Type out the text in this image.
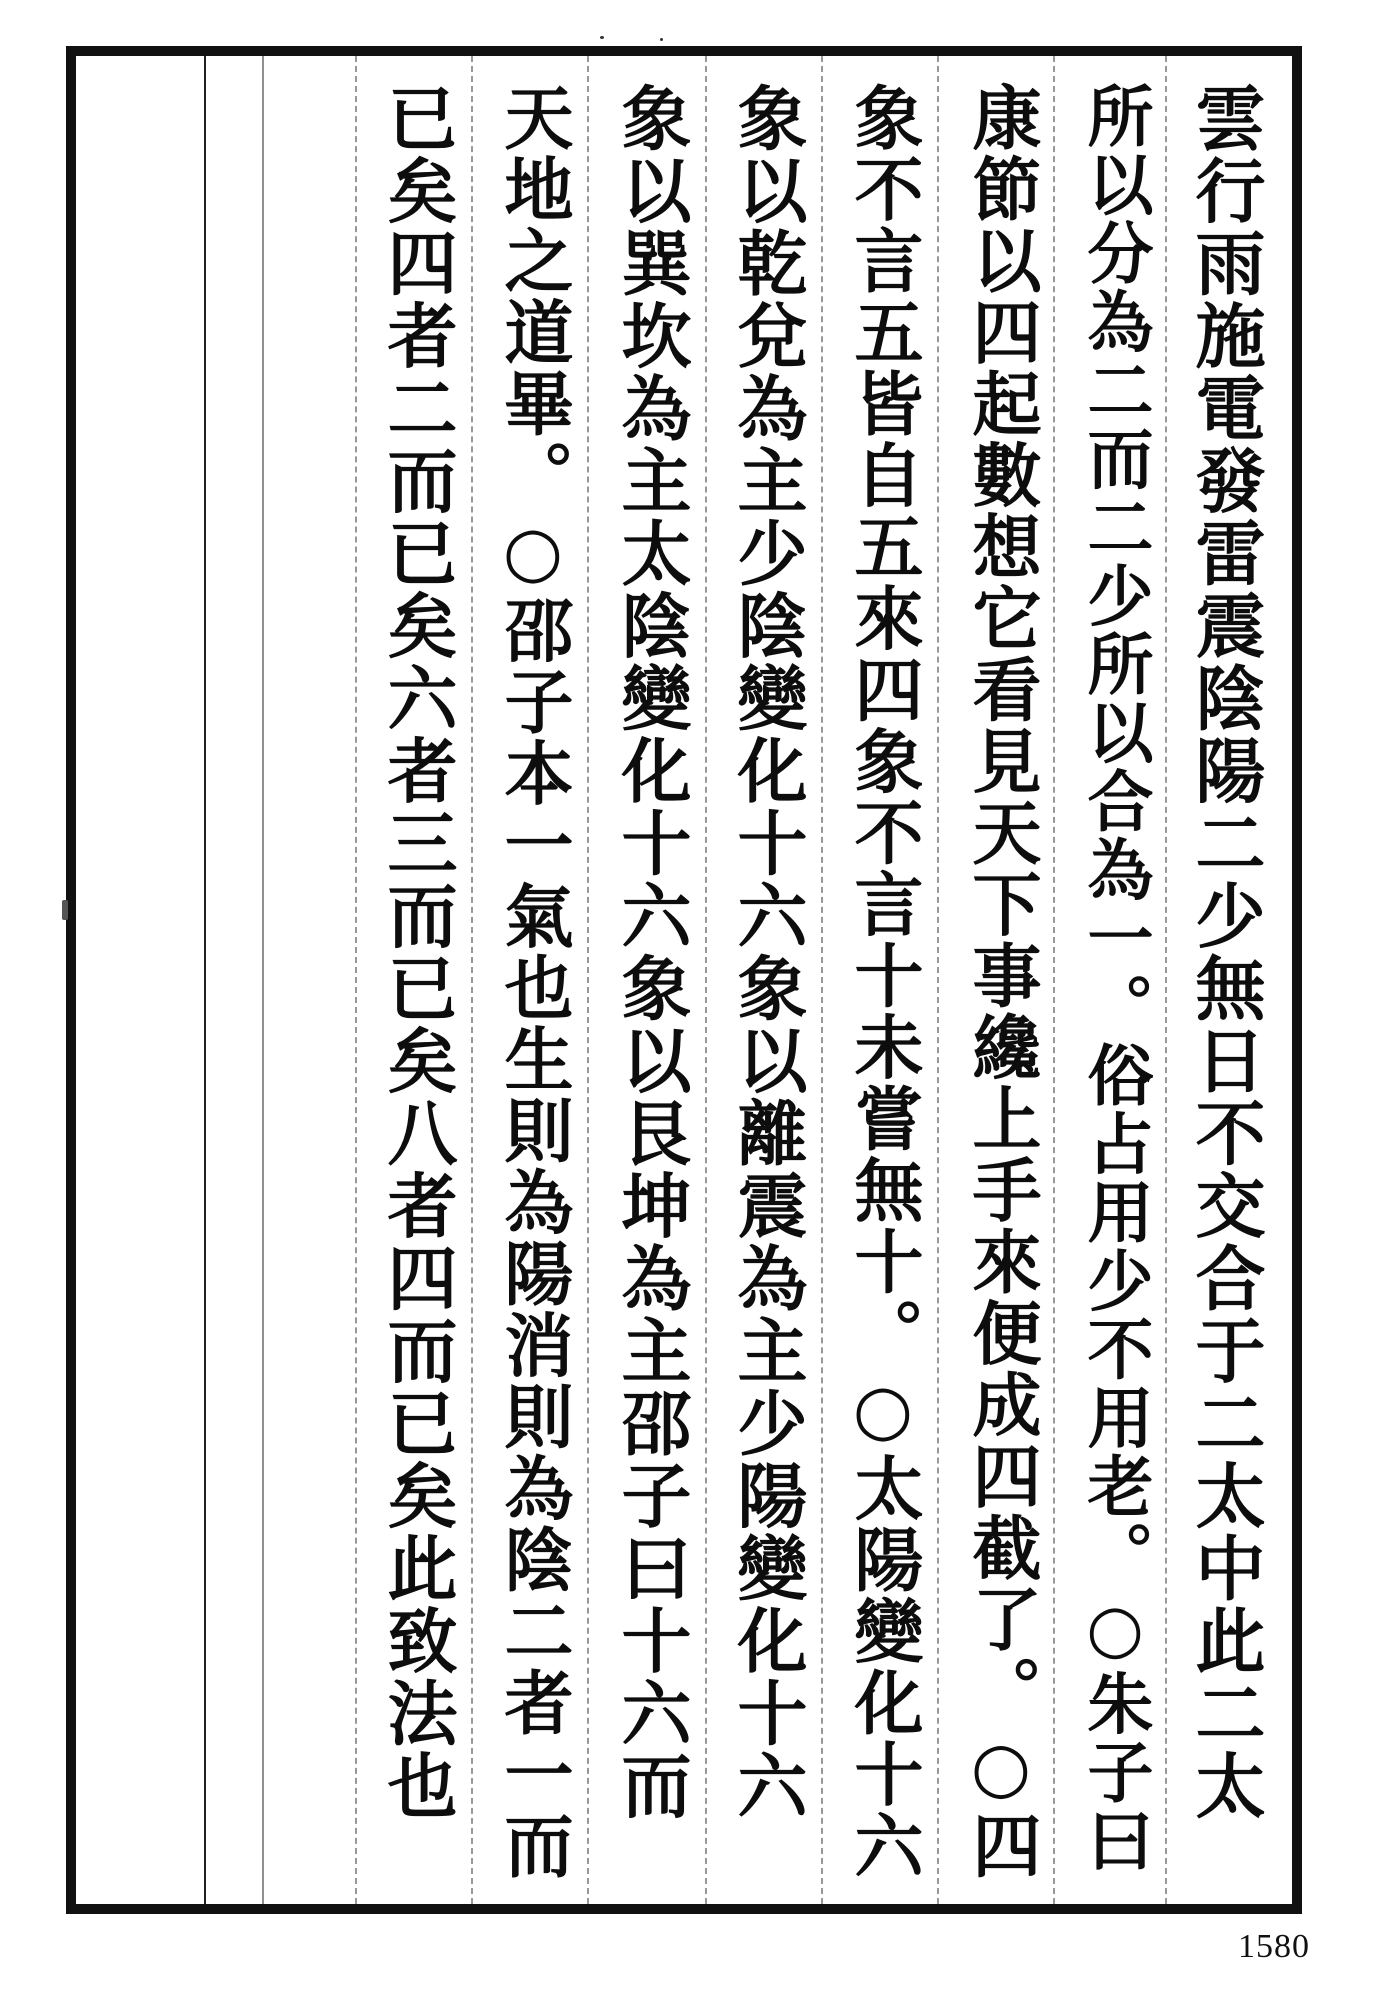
雲行雨施電發雷震陰陽二少無日不交合于二太中此二太
所以分為二而二少所以合為一。俗占用少不用老。○朱子曰
康節以四起數想它看見天下事纔上手來便成四截了。○四
象不言五皆自五來四象不言十未嘗無十。○太陽變化十六
象以乾兌為主少陰變化十六象以離震為主少陽變化十六
象以巽坎為主太陰變化十六象以艮坤為主邵子曰十六而
天地之道畢。○邵子本一氣也生則為陽消則為陰二者一而
已矣四者二而已矣六者三而已矣八者四而已矣此致法也
1580
